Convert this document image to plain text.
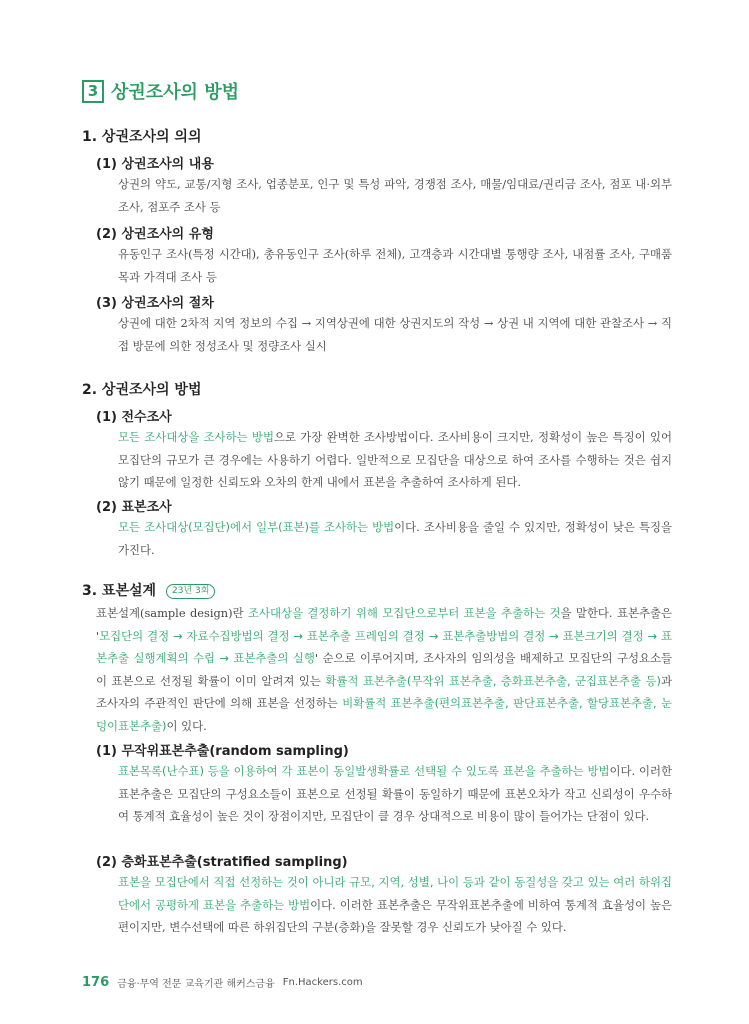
3 상권조사의 방법
1. 상권조사의 의의
(1) 상권조사의 내용

상권의 약도, 교통/지형 조사, 업종분포, 인구 및 특성 파악, 경쟁점 조사, 매물/임대료/권리금 조사, 점포 내·외부 조사, 점포주 조사 등

(2) 상권조사의 유형

유동인구 조사(특정 시간대), 총유동인구 조사(하루 전체), 고객층과 시간대별 통행량 조사, 내점률 조사, 구매품목과 가격대 조사 등

(3) 상권조사의 절차

상권에 대한 2차적 지역 정보의 수집 → 지역상권에 대한 상권지도의 작성 → 상권 내 지역에 대한 관찰조사 → 직접 방문에 의한 정성조사 및 정량조사 실시

2. 상권조사의 방법
(1) 전수조사

모든 조사대상을 조사하는 방법으로 가장 완벽한 조사방법이다. 조사비용이 크지만, 정확성이 높은 특징이 있어 모집단의 규모가 큰 경우에는 사용하기 어렵다. 일반적으로 모집단을 대상으로 하여 조사를 수행하는 것은 쉽지 않기 때문에 일정한 신뢰도와 오차의 한계 내에서 표본을 추출하여 조사하게 된다.

(2) 표본조사

모든 조사대상(모집단)에서 일부(표본)를 조사하는 방법이다. 조사비용을 줄일 수 있지만, 정확성이 낮은 특징을 가진다.

3. 표본설계 23년 3회

표본설계(sample design)란 조사대상을 결정하기 위해 모집단으로부터 표본을 추출하는 것을 말한다. 표본추출은 '모집단의 결정 → 자료수집방법의 결정 → 표본추출 프레임의 결정 → 표본추출방법의 결정 → 표본크기의 결정 → 표본추출 실행계획의 수립 → 표본추출의 실행' 순으로 이루어지며, 조사자의 임의성을 배제하고 모집단의 구성요소들이 표본으로 선정될 확률이 이미 알려져 있는 확률적 표본추출(무작위 표본추출, 층화표본추출, 군집표본추출 등)과 조사자의 주관적인 판단에 의해 표본을 선정하는 비확률적 표본추출(편의표본추출, 판단표본추출, 할당표본추출, 눈덩이표본추출)이 있다.

(1) 무작위표본추출(random sampling)

표본목록(난수표) 등을 이용하여 각 표본이 동일발생확률로 선택될 수 있도록 표본을 추출하는 방법이다. 이러한 표본추출은 모집단의 구성요소들이 표본으로 선정될 확률이 동일하기 때문에 표본오차가 작고 신뢰성이 우수하여 통계적 효율성이 높은 것이 장점이지만, 모집단이 클 경우 상대적으로 비용이 많이 들어가는 단점이 있다.

(2) 층화표본추출(stratified sampling)

표본을 모집단에서 직접 선정하는 것이 아니라 규모, 지역, 성별, 나이 등과 같이 동질성을 갖고 있는 여러 하위집단에서 공평하게 표본을 추출하는 방법이다. 이러한 표본추출은 무작위표본추출에 비하여 통계적 효율성이 높은 편이지만, 변수선택에 따른 하위집단의 구분(층화)을 잘못할 경우 신뢰도가 낮아질 수 있다.

176 금융·무역 전문 교육기관 해커스금융 Fn.Hackers.com
